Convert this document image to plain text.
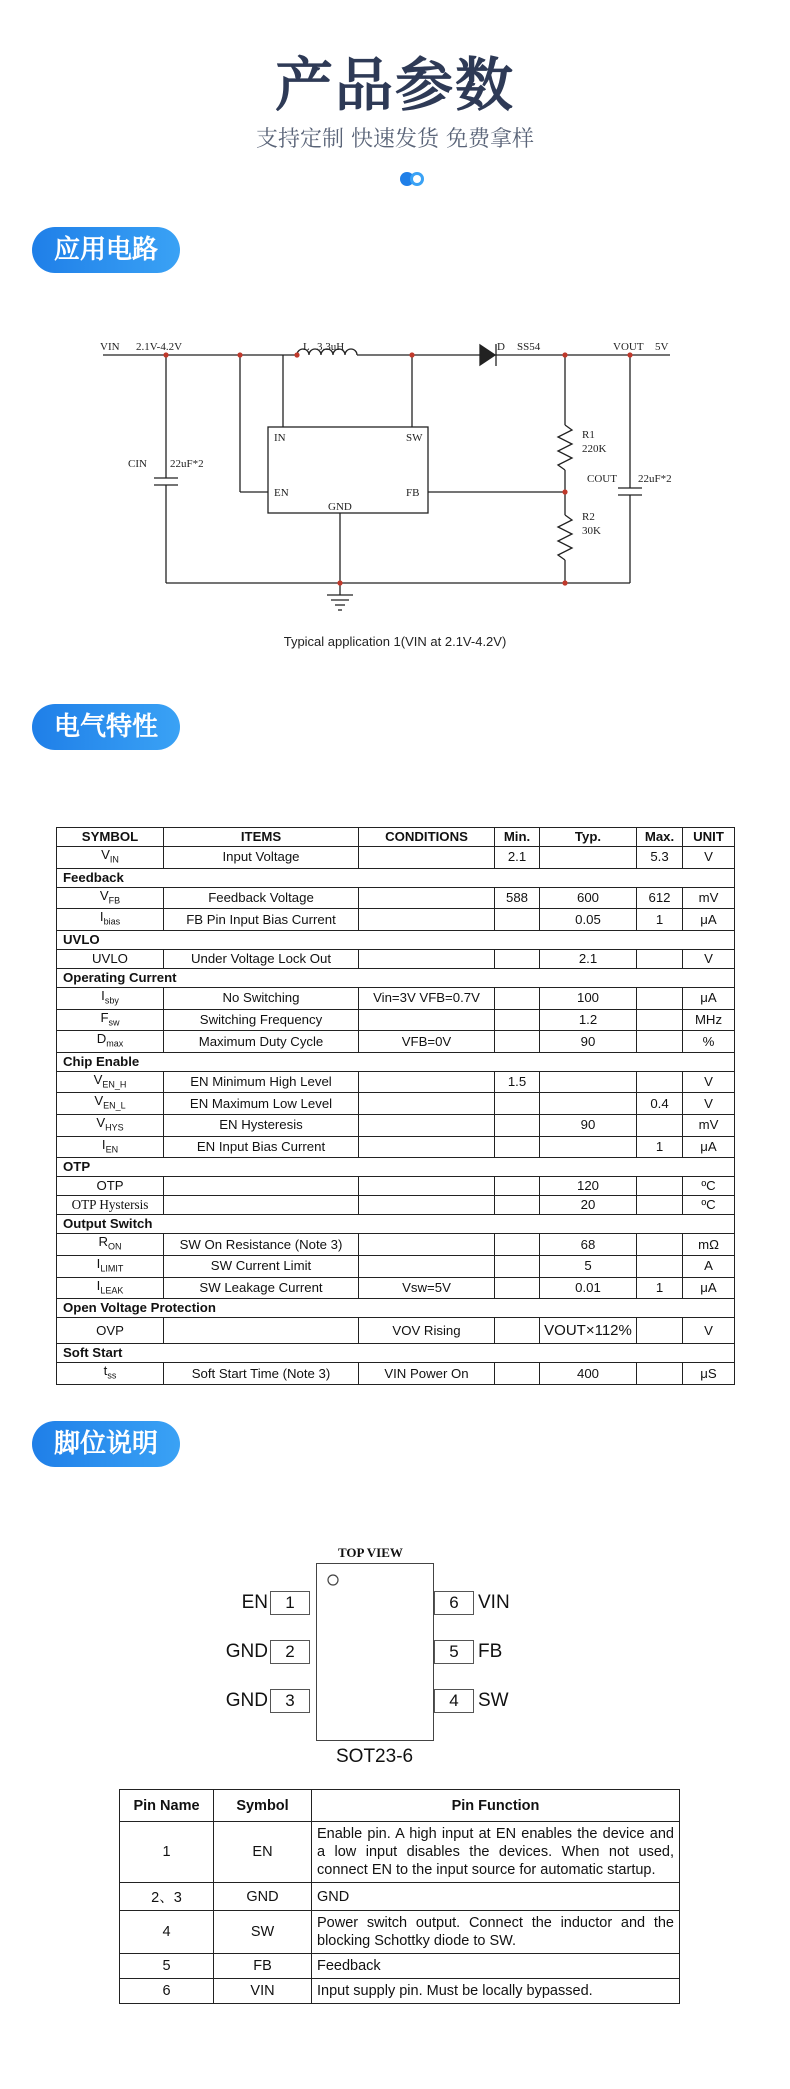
产品参数
支持定制 快速发货 免费拿样
应用电路
VIN 2.1V-4.2V	L 3.3uH	D SS54	VOUT 5V
CIN 22uF*2
COUT 22uF*2
R1
220K
R2
30K
IN	SW
EN	FB
GND
Typical application 1(VIN at 2.1V-4.2V)
电气特性
SYMBOL	ITEMS	CONDITIONS	Min.	Typ.	Max.	UNIT
$V_{IN}$	Input Voltage		2.1		5.3	V
Feedback						
$V_{FB}$	Feedback Voltage		588	600	612	mV
$I_{bias}$	FB Pin Input Bias Current			0.05	1	μA
UVLO						
UVLO	Under Voltage Lock Out			2.1		V
Operating Current						
$I_{sby}$	No Switching	Vin=3V VFB=0.7V		100		μA
$F_{sw}$	Switching Frequency			1.2		MHz
$D_{max}$	Maximum Duty Cycle	VFB=0V		90		%
Chip Enable						
$V_{EN\_H}$	EN Minimum High Level		1.5			V
$V_{EN\_L}$	EN Maximum Low Level				0.4	V
$V_{HYS}$	EN Hysteresis			90		mV
$I_{EN}$	EN Input Bias Current				1	μA
OTP						
OTP				120		ºC
OTP Hystersis				20		ºC
Output Switch						
$R_{ON}$	SW On Resistance (Note 3)			68		mΩ
$I_{LIMIT}$	SW Current Limit			5		A
$I_{LEAK}$	SW Leakage Current	Vsw=5V		0.01	1	μA
Open Voltage Protection						
OVP		VOV Rising		VOUT×112%		V
Soft Start						
$t_{ss}$	Soft Start Time (Note 3)	VIN Power On		400		μS
脚位说明
TOP VIEW
1
EN
2
GND
3
GND
6	VIN
5	FB
4	SW
SOT23-6
Pin Name	Symbol	Pin Function
1	EN	Enable pin. A high input at EN enables the device and a low input disables the devices. When not used, connect EN to the input source for automatic startup.
2、3	GND	GND
4	SW	Power switch output. Connect the inductor and the blocking Schottky diode to SW.
5	FB	Feedback
6	VIN	Input supply pin. Must be locally bypassed.
